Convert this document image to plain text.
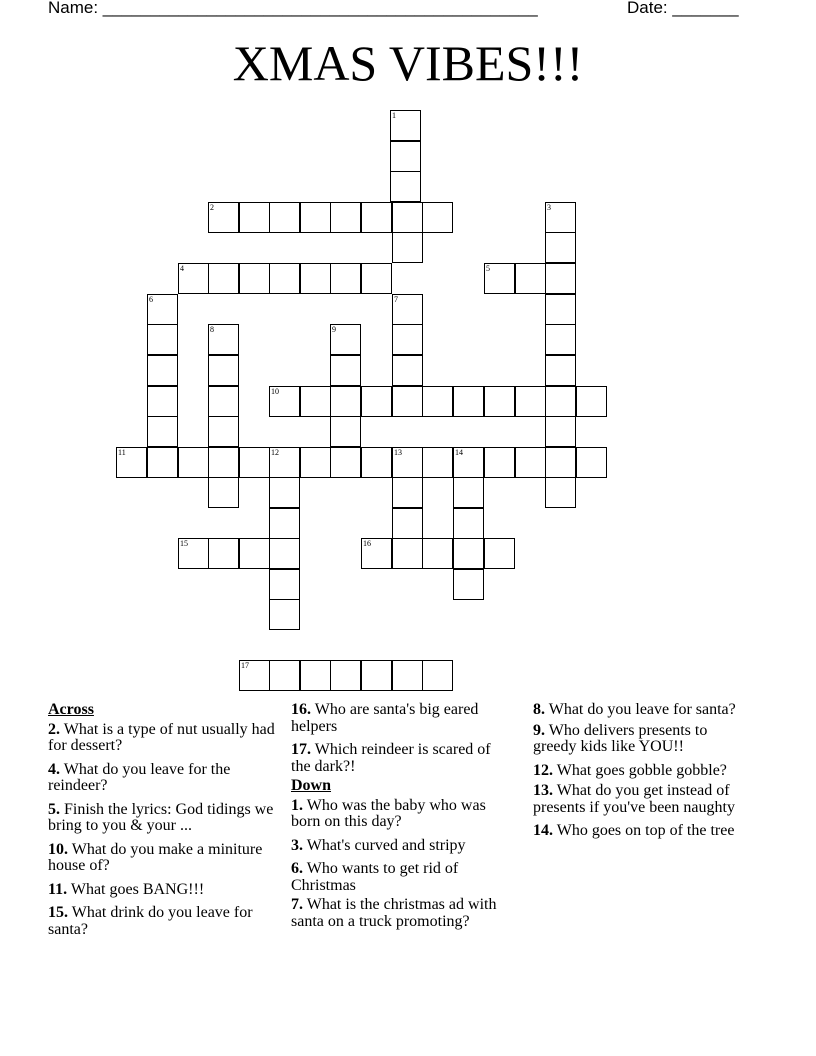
Name: ______________________________________________	Date: _______
XMAS VIBES!!!
1
2
4	5
3
6
8	9
7
10
11	12	13	14
15	16
17
Across
2. What is a type of nut usually had for dessert?
4. What do you leave for the reindeer?
5. Finish the lyrics: God tidings we bring to you & your ...
10. What do you make a miniture house of?
11. What goes BANG!!!
15. What drink do you leave for santa?
16. Who are santa's big eared helpers
17. Which reindeer is scared of the dark?!
Down
1. Who was the baby who was born on this day?
3. What's curved and stripy
6. Who wants to get rid of Christmas
7. What is the christmas ad with santa on a truck promoting?
8. What do you leave for santa?
9. Who delivers presents to greedy kids like YOU!!
12. What goes gobble gobble?
13. What do you get instead of presents if you've been naughty
14. Who goes on top of the tree
